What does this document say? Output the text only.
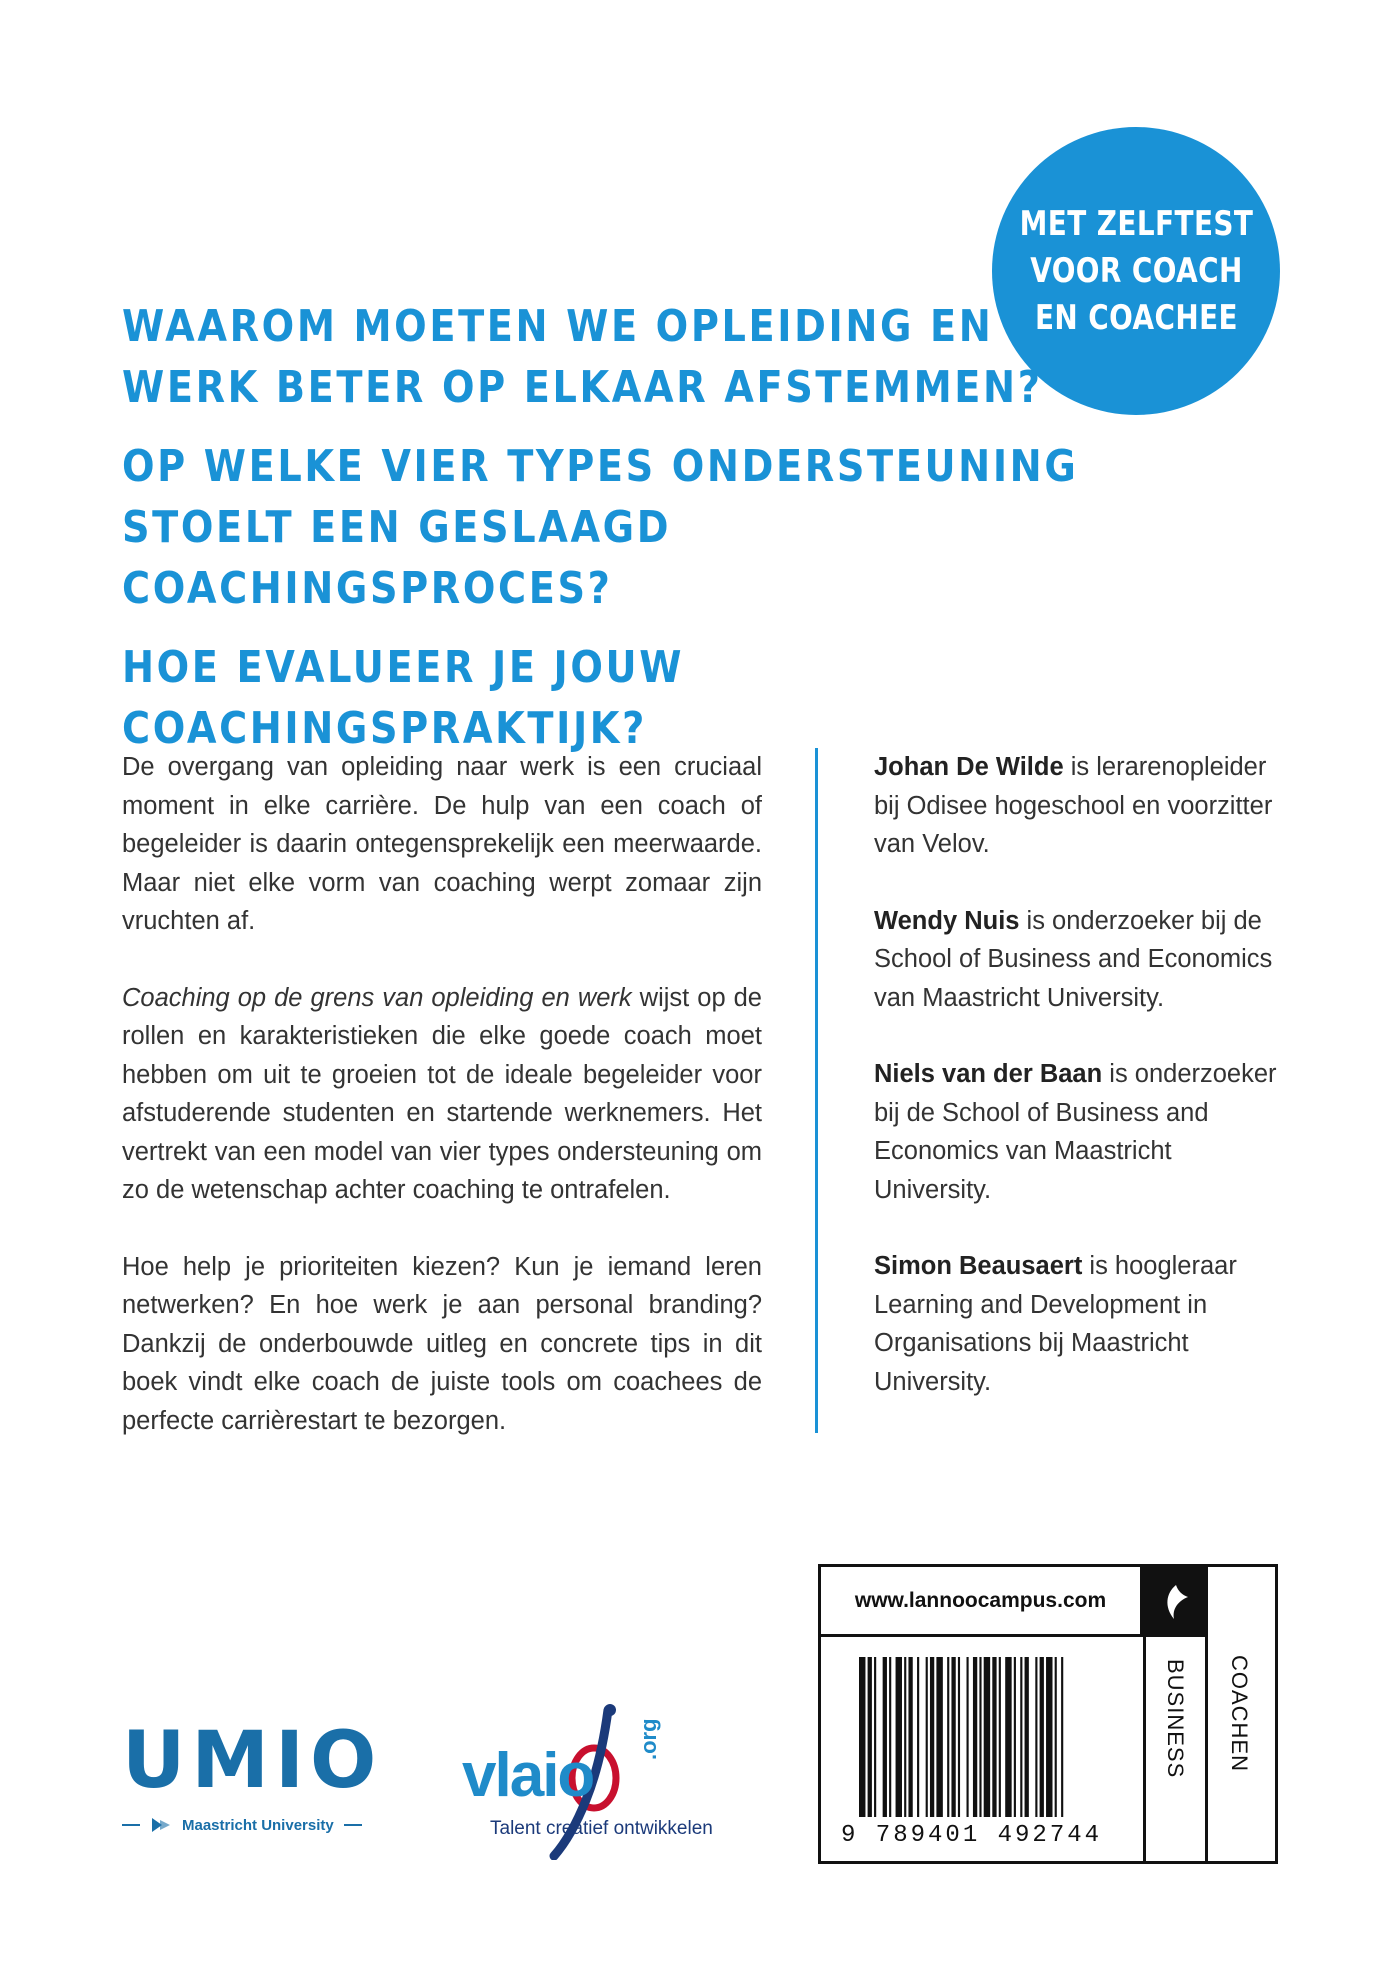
MET ZELFTEST
VOOR COACH
EN COACHEE
WAAROM MOETEN WE OPLEIDING EN
WERK BETER OP ELKAAR AFSTEMMEN?
OP WELKE VIER TYPES ONDERSTEUNING
STOELT EEN GESLAAGD COACHINGSPROCES?
HOE EVALUEER JE JOUW COACHINGSPRAKTIJK?

De overgang van opleiding naar werk is een cruciaal moment in elke carrière. De hulp van een coach of begeleider is daarin ontegensprekelijk een meerwaarde. Maar niet elke vorm van coaching werpt zomaar zijn vruchten af.

Coaching op de grens van opleiding en werk wijst op de rollen en karakteristieken die elke goede coach moet hebben om uit te groeien tot de ideale begeleider voor afstuderende studenten en startende werknemers. Het vertrekt van een model van vier types ondersteuning om zo de wetenschap achter coaching te ontrafelen.

Hoe help je prioriteiten kiezen? Kun je iemand leren netwerken? En hoe werk je aan personal branding? Dankzij de onderbouwde uitleg en concrete tips in dit boek vindt elke coach de juiste tools om coachees de perfecte carrièrestart te bezorgen.

Johan De Wilde is lerarenopleider bij Odisee hogeschool en voorzitter van Velov.
Wendy Nuis is onderzoeker bij de School of Business and Economics van Maastricht University.
Niels van der Baan is onderzoeker bij de School of Business and Economics van Maastricht University.
Simon Beausaert is hoogleraar Learning and Development in Organisations bij Maastricht University.
UMIO
Maastricht University
vlaio
.org
Talent creatief ontwikkelen
www.lannoocampus.com
BUSINESS COACHEN
9 789401 492744
